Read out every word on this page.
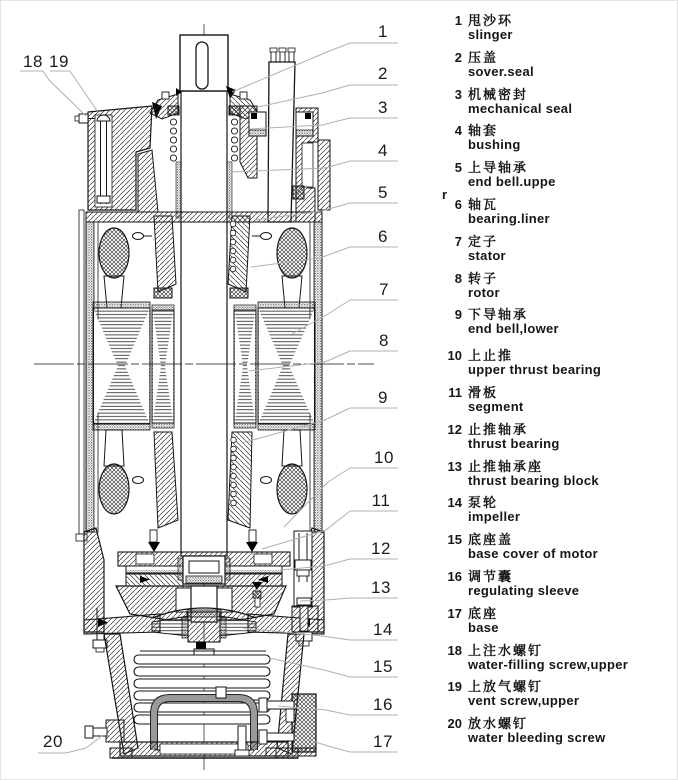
1
2
3
4
5
6
7
8
9
10
11
12
13
14
15
16
17
18 19
20
1 甩沙环
slinger
2 压盖
sover.seal
3 机械密封
mechanical seal
4 轴套
bushing
5 上导轴承
end bell.uppe
r
6 轴瓦
bearing.liner
7 定子
stator
8 转子
rotor
9 下导轴承
end bell,lower
10 上止推
upper thrust bearing
11 滑板
segment
12 止推轴承
thrust bearing
13 止推轴承座
thrust bearing block
14 泵轮
impeller
15 底座盖
base cover of motor
16 调节囊
regulating sleeve
17 底座
base
18 上注水螺钉
water-filling screw,upper
19 上放气螺钉
vent screw,upper
20 放水螺钉
water bleeding screw
